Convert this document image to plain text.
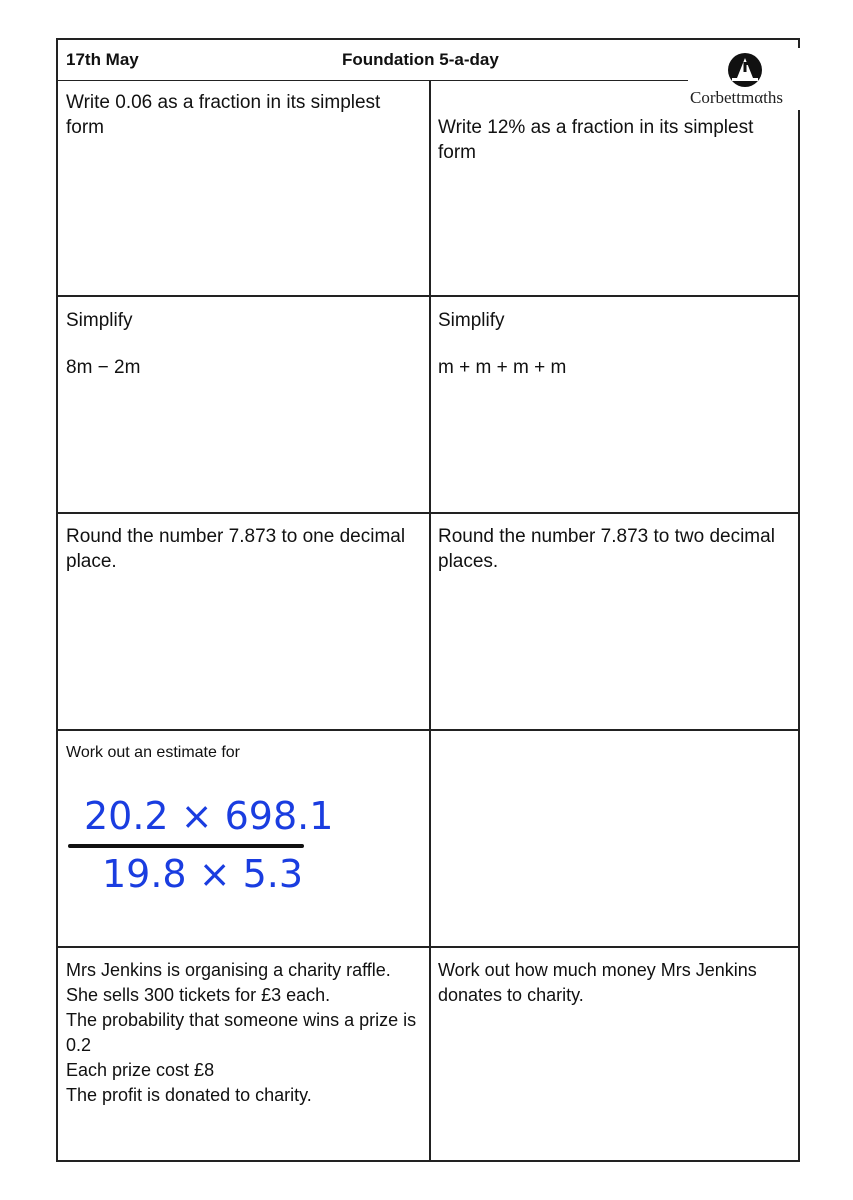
17th May	Foundation 5-a-day
Corbettmαths
Write 0.06 as a fraction in its simplest form	Write 12% as a fraction in its simplest form
Simplify
8m − 2m
Simplify
m + m + m + m
Round the number 7.873 to one decimal place.
Round the number 7.873 to two decimal places.
Work out an estimate for
20.2 × 698.1
19.8 × 5.3
Mrs Jenkins is organising a charity raffle.
She sells 300 tickets for £3 each.
The probability that someone wins a prize is 0.2
Each prize cost £8
The profit is donated to charity.
Work out how much money Mrs Jenkins donates to charity.
